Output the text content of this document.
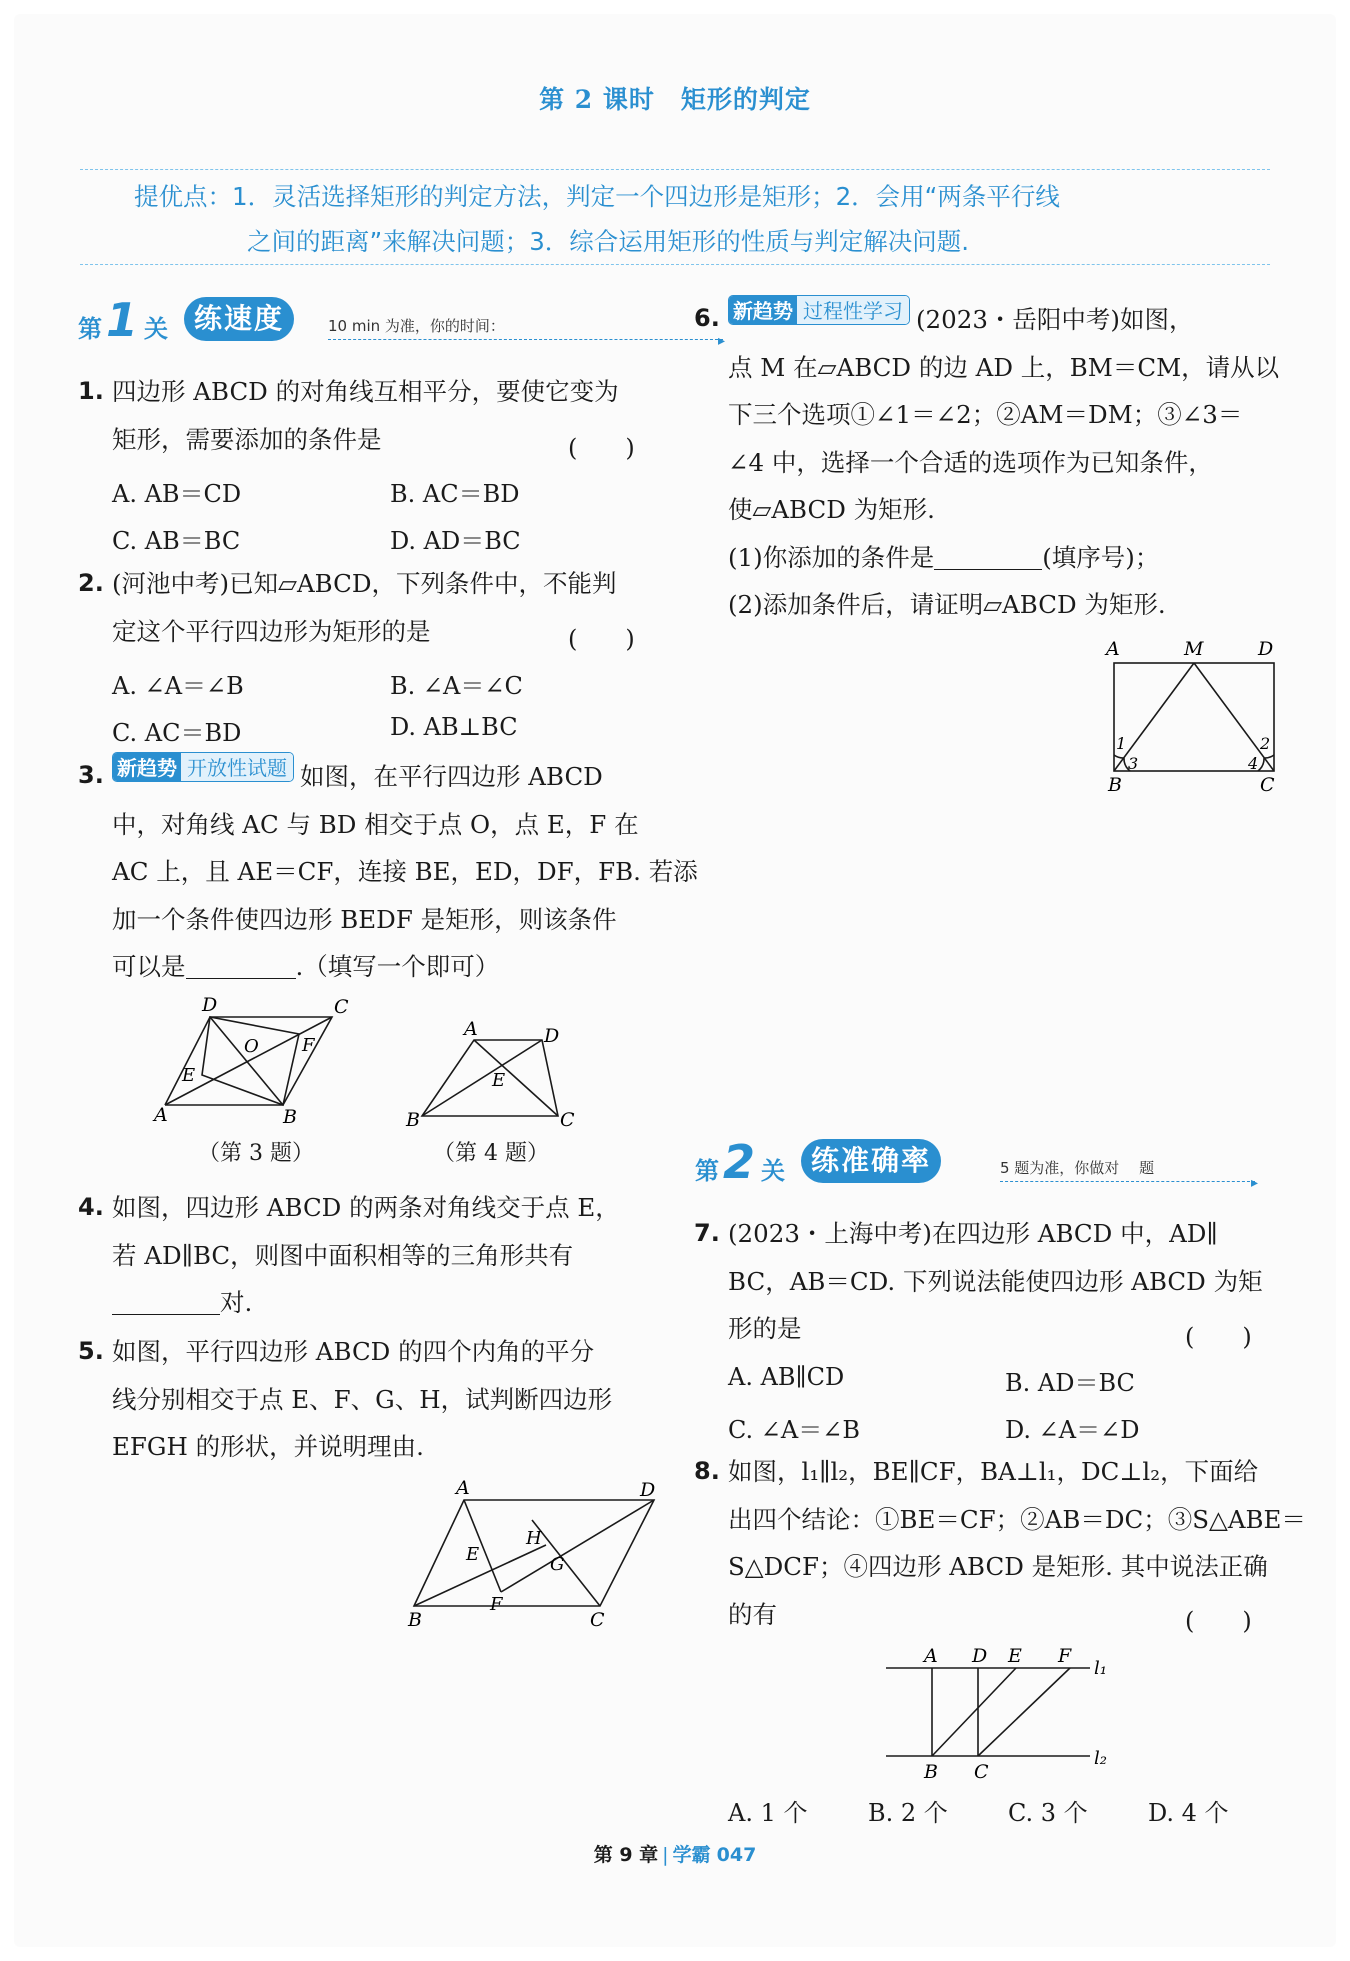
第 2 课时　矩形的判定
提优点：1．灵活选择矩形的判定方法，判定一个四边形是矩形；2．会用“两条平行线
之间的距离”来解决问题；3．综合运用矩形的性质与判定解决问题.
第 1 关 练速度	10 min 为准，你的时间：
▸
1. 四边形 ABCD 的对角线互相平分，要使它变为

矩形，需要添加的条件是	(　　)
A. AB＝CD	B. AC＝BD
C. AB＝BC	D. AD＝BC
2. (河池中考)已知▱ABCD，下列条件中，不能判

定这个平行四边形为矩形的是	(　　)
A. ∠A＝∠B	B. ∠A＝∠C
C. AC＝BD	D. AB⊥BC
3. 新趋势 开放性试题 如图，在平行四边形 ABCD

中，对角线 AC 与 BD 相交于点 O，点 E，F 在

AC 上，且 AE＝CF，连接 BE，ED，DF，FB. 若添

加一个条件使四边形 BEDF 是矩形，则该条件

可以是	.（填写一个即可）

A	B
C
D
O
E
F
（第 3 题）
A	D
B	C
E
（第 4 题）
4. 如图，四边形 ABCD 的两条对角线交于点 E，

若 AD∥BC，则图中面积相等的三角形共有

对.

5. 如图，平行四边形 ABCD 的四个内角的平分

线分别相交于点 E、F、G、H，试判断四边形

EFGH 的形状，并说明理由.

A	D
B	C
E
F
G
H
6. 新趋势 过程性学习 (2023・岳阳中考)如图，

点 M 在▱ABCD 的边 AD 上，BM＝CM，请从以

下三个选项①∠1＝∠2；②AM＝DM；③∠3＝

∠4 中，选择一个合适的选项作为已知条件，

使▱ABCD 为矩形.

(1)你添加的条件是	(填序号)；

(2)添加条件后，请证明▱ABCD 为矩形.

A	M	D
B	C
1	2
3	4
第 2 关 练准确率	5 题为准，你做对　 题
▸
7. (2023・上海中考)在四边形 ABCD 中，AD∥

BC，AB＝CD. 下列说法能使四边形 ABCD 为矩

形的是	(　　)
A. AB∥CD	B. AD＝BC
C. ∠A＝∠B	D. ∠A＝∠D
8. 如图，l₁∥l₂，BE∥CF，BA⊥l₁，DC⊥l₂，下面给

出四个结论：①BE＝CF；②AB＝DC；③S△ABE＝

S△DCF；④四边形 ABCD 是矩形. 其中说法正确

的有	(　　)
A D E F
B C
l₁
l₂
A. 1 个	B. 2 个	C. 3 个	D. 4 个
第 9 章 | 学霸 047
